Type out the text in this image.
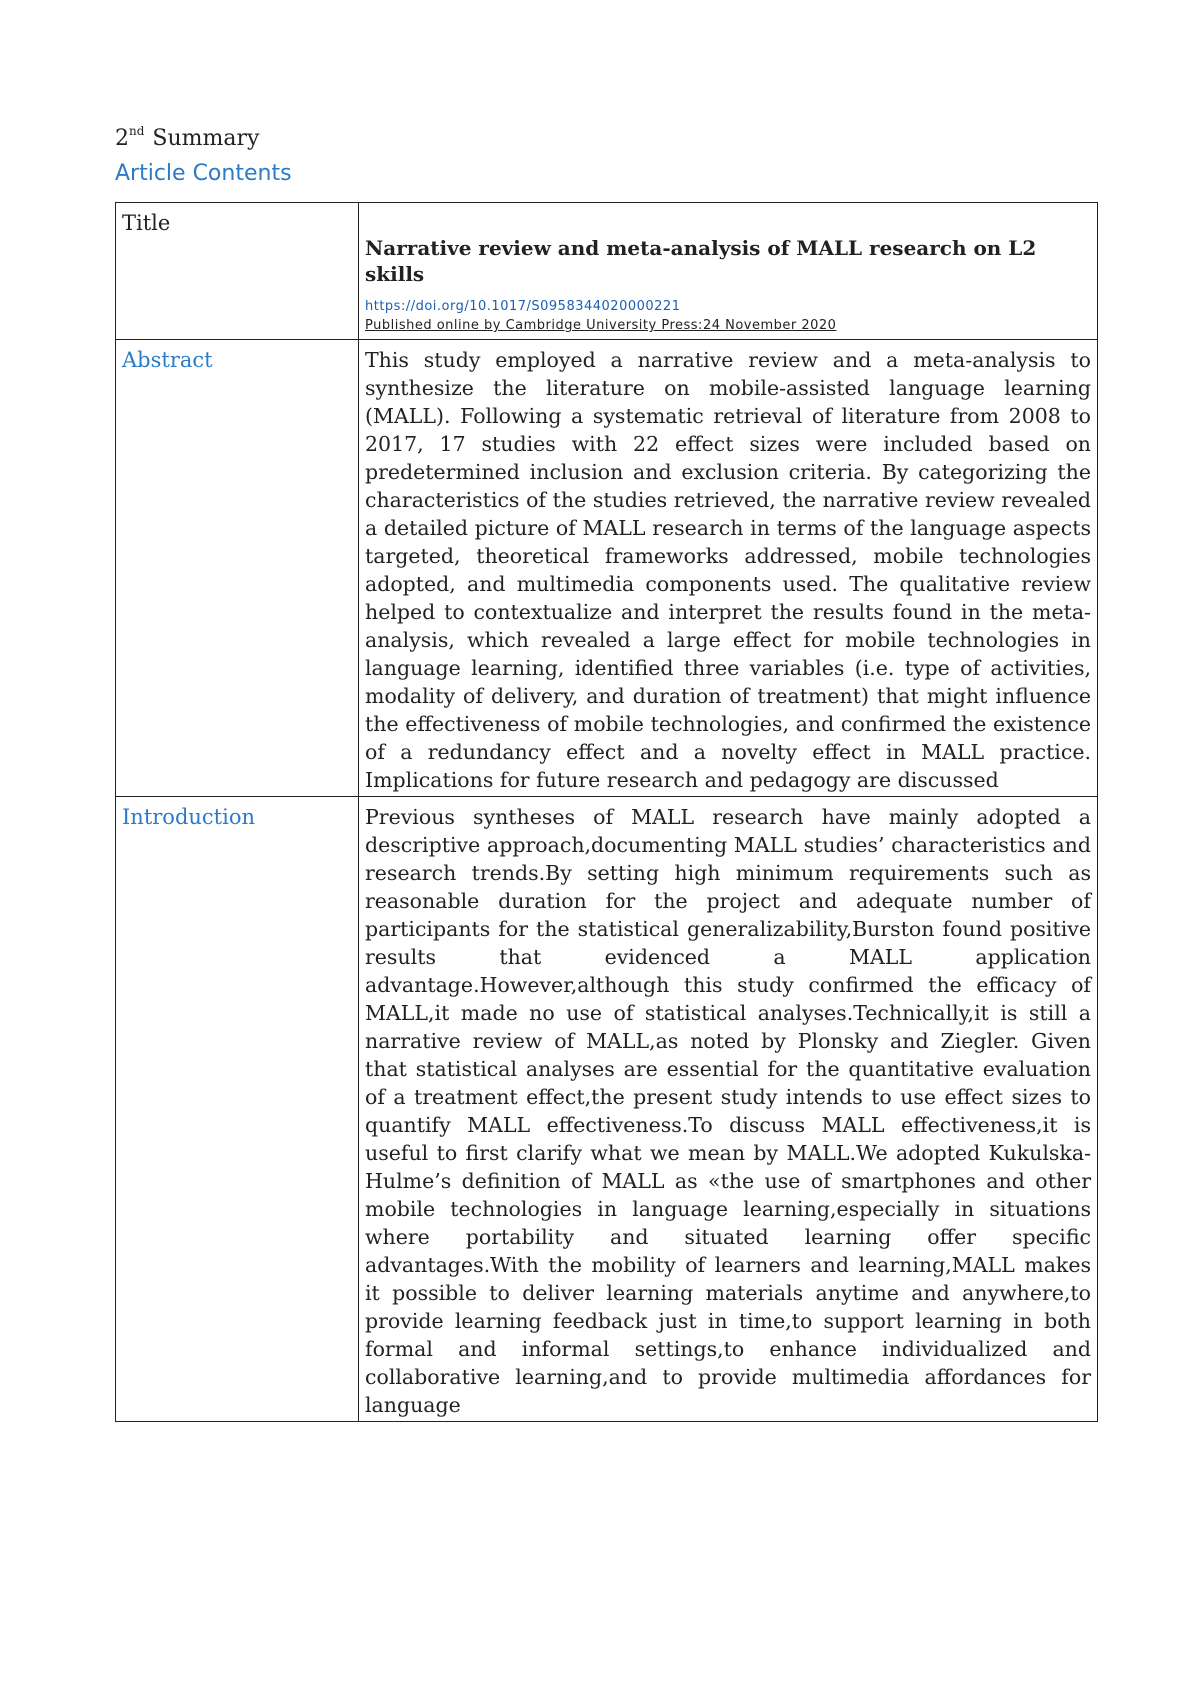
2nd Summary
Article Contents
Title	Narrative review and meta-analysis of MALL research on L2 skills
https://doi.org/10.1017/S0958344020000221
Published online by Cambridge University Press:24 November 2020

Abstract	This study employed a narrative review and a meta-analysis to synthesize the literature on mobile-assisted language learning (MALL). Following a systematic retrieval of literature from 2008 to 2017, 17 studies with 22 effect sizes were included based on predetermined inclusion and exclusion criteria. By categorizing the characteristics of the studies retrieved, the narrative review revealed a detailed picture of MALL research in terms of the language aspects targeted, theoretical frameworks addressed, mobile technologies adopted, and multimedia components used. The qualitative review helped to contextualize and interpret the results found in the meta-analysis, which revealed a large effect for mobile technologies in language learning, identified three variables (i.e. type of activities, modality of delivery, and duration of treatment) that might influence the effectiveness of mobile technologies, and confirmed the existence of a redundancy effect and a novelty effect in MALL practice. Implications for future research and pedagogy are discussed

Introduction	Previous syntheses of MALL research have mainly adopted a descriptive approach,documenting MALL studies’ characteristics and research trends.By setting high minimum requirements such as reasonable duration for the project and adequate number of participants for the statistical generalizability,Burston found positive results that evidenced a MALL application advantage.However,although this study confirmed the efficacy of MALL,it made no use of statistical analyses.Technically,it is still a narrative review of MALL,as noted by Plonsky and Ziegler. Given that statistical analyses are essential for the quantitative evaluation of a treatment effect,the present study intends to use effect sizes to quantify MALL effectiveness.To discuss MALL effectiveness,it is useful to first clarify what we mean by MALL.We adopted Kukulska-Hulme’s definition of MALL as «the use of smartphones and other mobile technologies in language learning,especially in situations where portability and situated learning offer specific advantages.With the mobility of learners and learning,MALL makes it possible to deliver learning materials anytime and anywhere,to provide learning feedback just in time,to support learning in both formal and informal settings,to enhance individualized and collaborative learning,and to provide multimedia affordances for language
